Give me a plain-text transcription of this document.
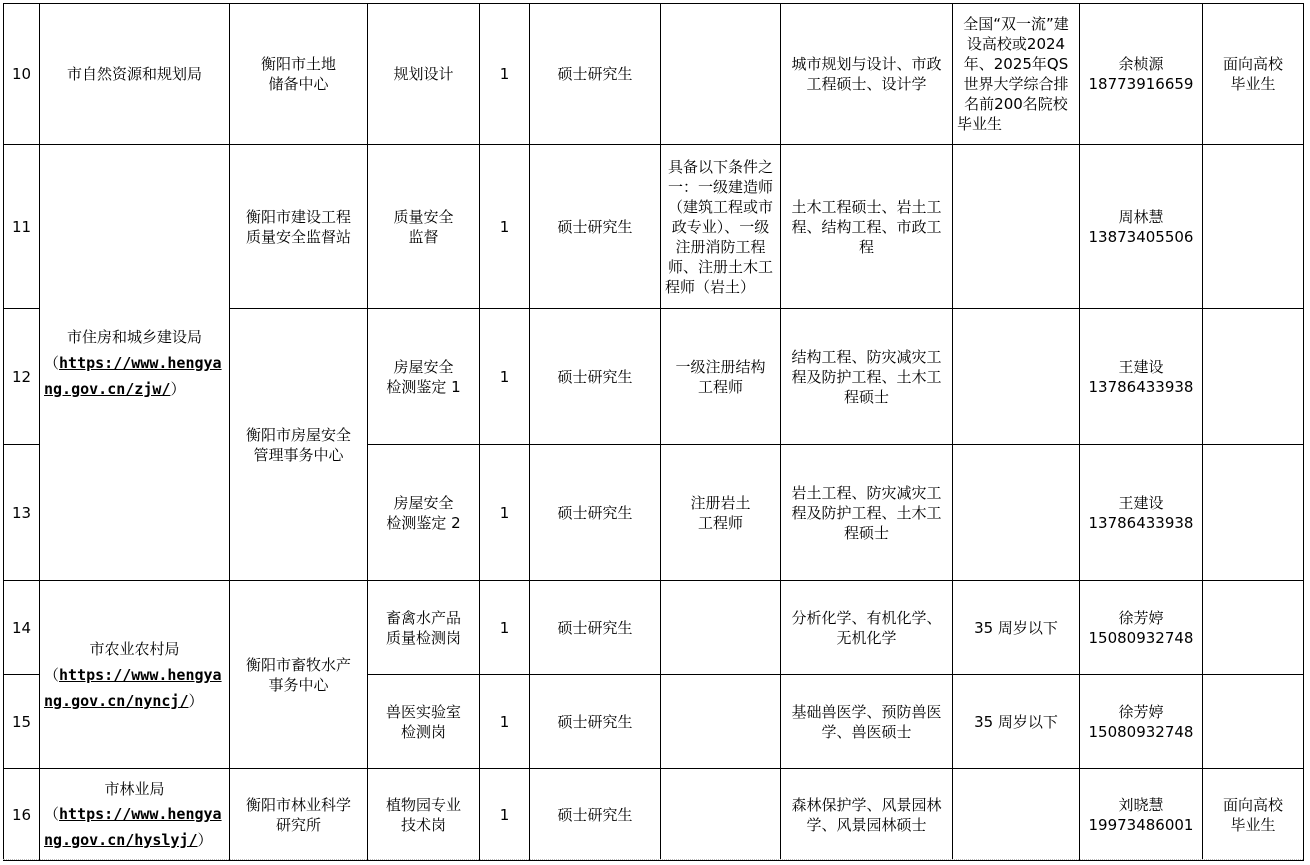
10	市自然资源和规划局	衡阳市土地
储备中心	规划设计	1	硕士研究生		城市规划与设计、市政工程硕士、设计学	全国“双一流”建设高校或2024年、2025年QS世界大学综合排名前200名院校毕业生	余桢源
18773916659	面向高校
毕业生
11	市住房和城乡建设局
（https://www.hengyang.gov.cn/zjw/）	衡阳市建设工程
质量安全监督站	质量安全
监督	1	硕士研究生	具备以下条件之一：一级建造师（建筑工程或市政专业）、一级注册消防工程师、注册土木工程师（岩土）	土木工程硕士、岩土工
程、结构工程、市政工程		周林慧
13873405506	

12		衡阳市房屋安全
管理事务中心	房屋安全
检测鉴定 1	1	硕士研究生	一级注册结构
工程师	结构工程、防灾减灾工程及防护工程、土木工程硕士		王建设
13786433938	

13			房屋安全
检测鉴定 2	1	硕士研究生	注册岩土
工程师	岩土工程、防灾减灾工程及防护工程、土木工程硕士		王建设
13786433938	

14	市农业农村局
（https://www.hengyang.gov.cn/nyncj/）	衡阳市畜牧水产
事务中心	畜禽水产品
质量检测岗	1	硕士研究生		分析化学、有机化学、无机化学	35 周岁以下	徐芳婷
15080932748	

15			兽医实验室
检测岗	1	硕士研究生		基础兽医学、预防兽医学、兽医硕士	35 周岁以下	徐芳婷
15080932748	

16	市林业局
（https://www.hengyang.gov.cn/hyslyj/）	衡阳市林业科学
研究所	植物园专业
技术岗	1	硕士研究生		森林保护学、风景园林学、风景园林硕士		刘晓慧
19973486001	面向高校
毕业生
